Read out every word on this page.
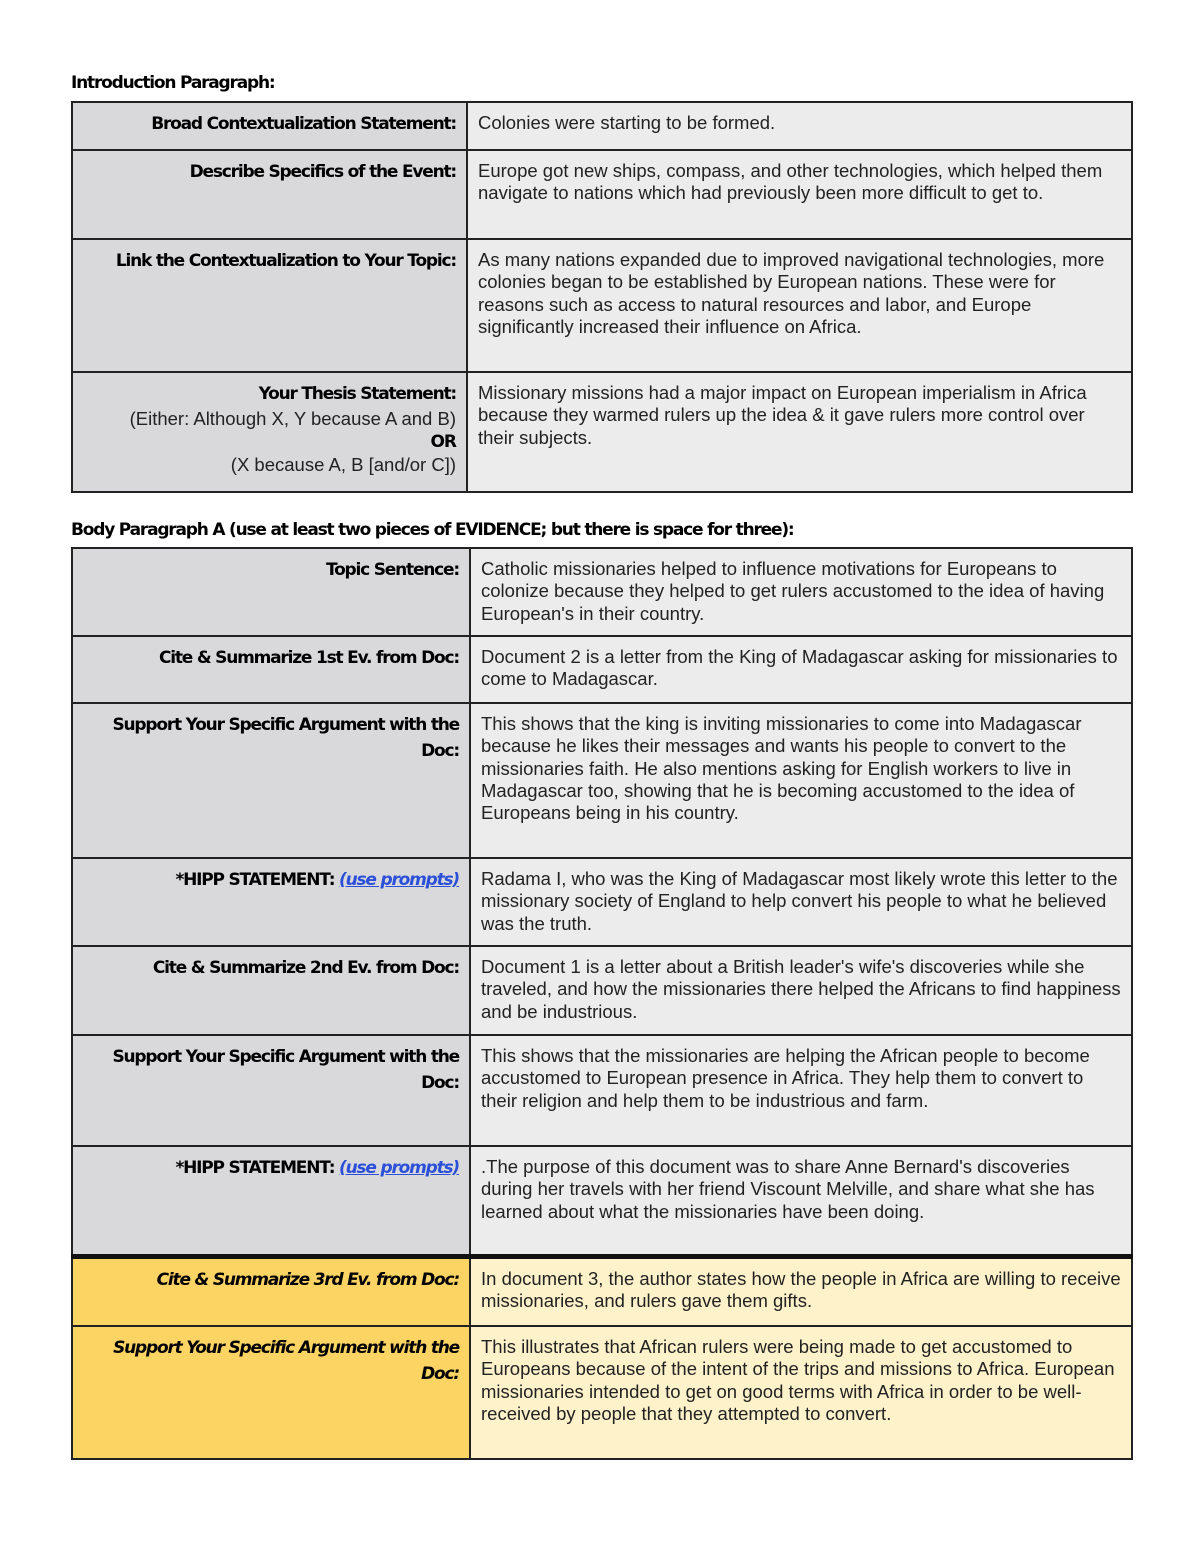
Introduction Paragraph:
Broad Contextualization Statement:	Colonies were starting to be formed.
Describe Specifics of the Event:	Europe got new ships, compass, and other technologies, which helped them navigate to nations which had previously been more difficult to get to.
Link the Contextualization to Your Topic:	As many nations expanded due to improved navigational technologies, more colonies began to be established by European nations. These were for reasons such as access to natural resources and labor, and Europe significantly increased their influence on Africa.
Your Thesis Statement:
(Either: Although X, Y because A and B)
OR
(X because A, B [and/or C])	Missionary missions had a major impact on European imperialism in Africa because they warmed rulers up the idea & it gave rulers more control over their subjects.
Body Paragraph A (use at least two pieces of EVIDENCE; but there is space for three):
Topic Sentence:	Catholic missionaries helped to influence motivations for Europeans to colonize because they helped to get rulers accustomed to the idea of having European's in their country.
Cite & Summarize 1st Ev. from Doc:	Document 2 is a letter from the King of Madagascar asking for missionaries to come to Madagascar.
Support Your Specific Argument with the Doc:	This shows that the king is inviting missionaries to come into Madagascar because he likes their messages and wants his people to convert to the missionaries faith. He also mentions asking for English workers to live in Madagascar too, showing that he is becoming accustomed to the idea of Europeans being in his country.
*HIPP STATEMENT: (use prompts)	Radama I, who was the King of Madagascar most likely wrote this letter to the missionary society of England to help convert his people to what he believed was the truth.
Cite & Summarize 2nd Ev. from Doc:	Document 1 is a letter about a British leader's wife's discoveries while she traveled, and how the missionaries there helped the Africans to find happiness and be industrious.
Support Your Specific Argument with the Doc:	This shows that the missionaries are helping the African people to become accustomed to European presence in Africa. They help them to convert to their religion and help them to be industrious and farm.
*HIPP STATEMENT: (use prompts)	.The purpose of this document was to share Anne Bernard's discoveries during her travels with her friend Viscount Melville, and share what she has learned about what the missionaries have been doing.
Cite & Summarize 3rd Ev. from Doc:	In document 3, the author states how the people in Africa are willing to receive missionaries, and rulers gave them gifts.
Support Your Specific Argument with the Doc:	This illustrates that African rulers were being made to get accustomed to Europeans because of the intent of the trips and missions to Africa. European missionaries intended to get on good terms with Africa in order to be well-received by people that they attempted to convert.
